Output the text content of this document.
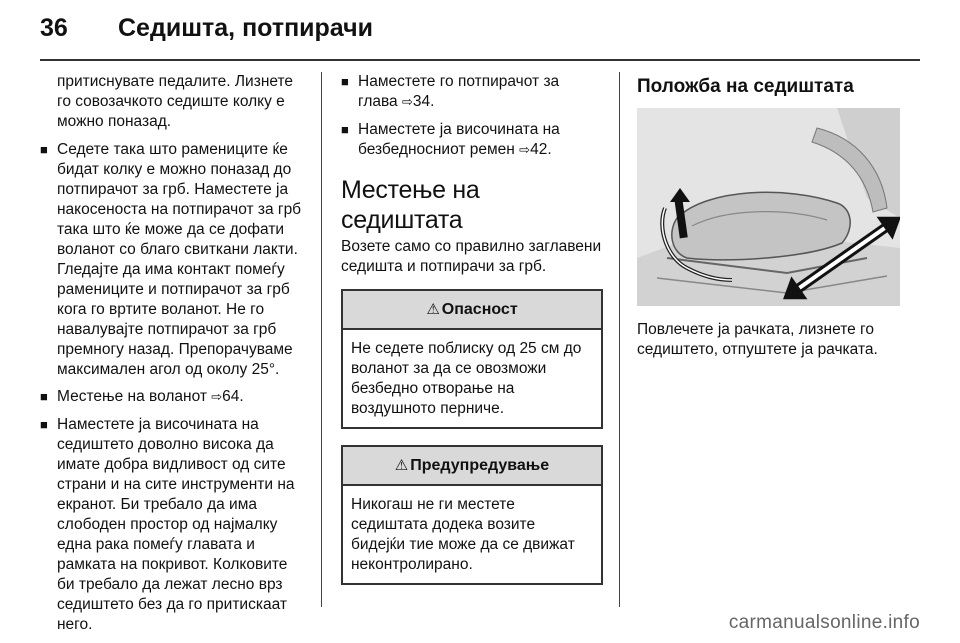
36	Седишта, потпирачи

притиснувате педалите. Лизнете го совозачкото седиште колку е можно поназад.

■ Седете така што рамениците ќе бидат колку е можно поназад до потпирачот за грб. Наместете ја накосеноста на потпирачот за грб така што ќе може да се дофати воланот со благо свиткани лакти. Гледајте да има контакт помеѓу рамениците и потпирачот за грб кога го вртите воланот. Не го навалувајте потпирачот за грб премногу назад. Препорачуваме максимален агол од околу 25°.
■ Местење на воланот ⇨64.
■ Наместете ја височината на седиштето доволно висока да имате добра видливост од сите страни и на сите инструменти на екранот. Би требало да има слободен простор од најмалку една рака помеѓу главата и рамката на покривот. Колковите би требало да лежат лесно врз седиштето без да го притискаат него.
■ Наместете го потпирачот за глава ⇨34.
■ Наместете ја височината на безбедносниот ремен ⇨42.
Местење на седиштата

Возете само со правилно заглавени седишта и потпирачи за грб.

⚠ Опасност
Не седете поблиску од 25 см до воланот за да се овозможи безбедно отворање на воздушното перниче.
⚠ Предупредување
Никогаш не ги местете седиштата додека возите бидејќи тие може да се движат неконтролирано.
Положба на седиштата

Повлечете ја рачката, лизнете го седиштето, отпуштете ја рачката.

carmanualsonline.info
